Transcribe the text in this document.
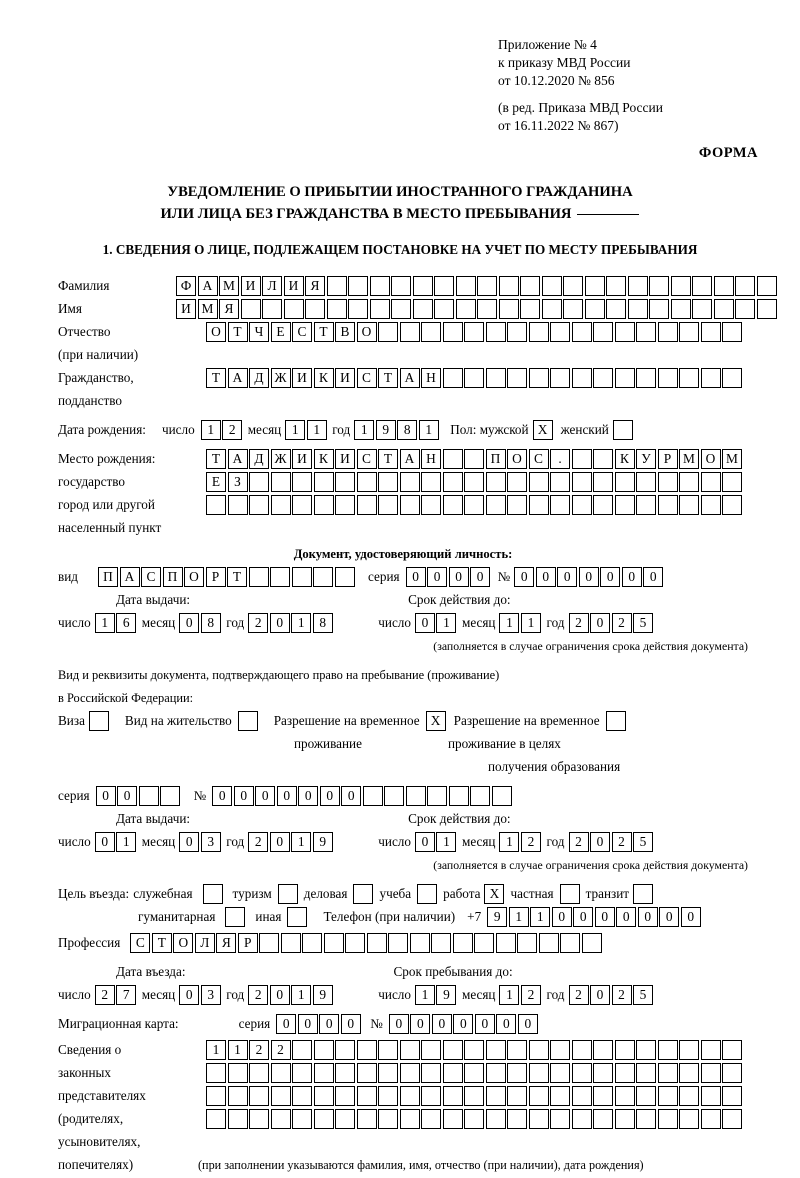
Приложение № 4
к приказу МВД России
от 10.12.2020 № 856
(в ред. Приказа МВД России
от 16.11.2022 № 867)
ФОРМА
УВЕДОМЛЕНИЕ О ПРИБЫТИИ ИНОСТРАННОГО ГРАЖДАНИНА
ИЛИ ЛИЦА БЕЗ ГРАЖДАНСТВА В МЕСТО ПРЕБЫВАНИЯ
1. СВЕДЕНИЯ О ЛИЦЕ, ПОДЛЕЖАЩЕМ ПОСТАНОВКЕ НА УЧЕТ ПО МЕСТУ ПРЕБЫВАНИЯ
Фамилия	Ф А М И Л И Я
Имя	И М Я
Отчество	О Т Ч Е С Т В О
(при наличии)
Гражданство,	Т А Д Ж И К И С Т А Н
подданство
Дата рождения: число 1	2 месяц 1	1 год 1	9	8	1	Пол: мужской X женский
Место рождения:	Т А Д Ж И К И С Т А Н	П О С	.	К У Р М О М
государство	Е	З
город или другой
населенный пункт
Документ, удостоверяющий личность:
вид	П А С П О Р	Т	серия 0	0	0	0	№ 0	0	0	0	0	0	0
Дата выдачи:	Срок действия до:
число 1	6 месяц 0	8 год 2	0	1	8	число 0	1 месяц 1	1 год 2	0	2	5
(заполняется в случае ограничения срока действия документа)
Вид и реквизиты документа, подтверждающего право на пребывание (проживание)
в Российской Федерации:
Виза	Вид на жительство	Разрешение на временное X Разрешение на временное
проживание	проживание в целях
получения образования
серия 0	0	№ 0	0	0	0	0	0	0
Дата выдачи:	Срок действия до:
число 0	1 месяц 0	3 год 2	0	1	9	число 0	1 месяц 1	2 год 2	0	2	5
(заполняется в случае ограничения срока действия документа)
Цель въезда: служебная	туризм деловая учеба работа X частная транзит
гуманитарная	иная	Телефон (при наличии) +7 9	1	1	0	0	0	0	0	0	0
Профессия	С Т О Л Я Р
Дата въезда:	Срок пребывания до:
число 2	7 месяц 0	3 год 2	0	1	9	число 1	9 месяц 1	2 год 2	0	2	5
Миграционная карта:	серия 0	0	0	0	№ 0	0	0	0	0	0	0
Сведения о	1	1	2	2
законных
представителях
(родителях,
усыновителях,
попечителях)	(при заполнении указываются фамилия, имя, отчество (при наличии), дата рождения)
